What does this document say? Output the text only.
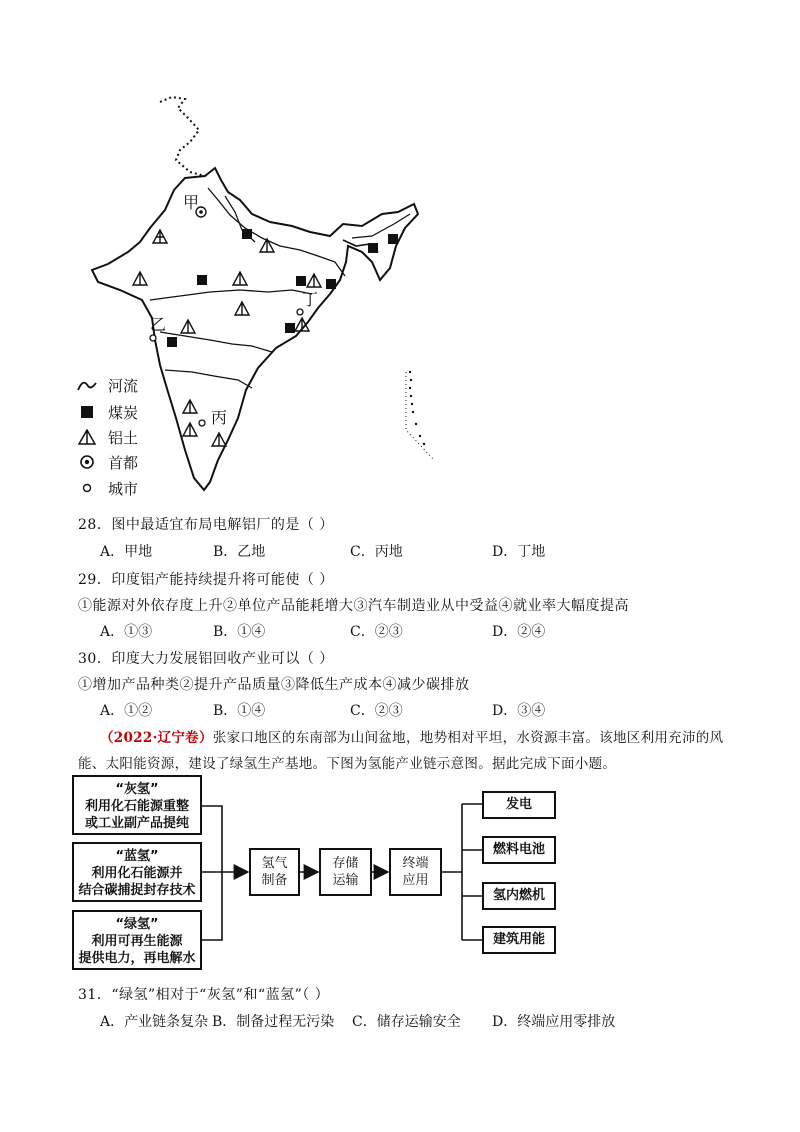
甲
乙
丙
丁
河流
煤炭
铝土
首都
城市
28．图中最适宜布局电解铝厂的是（ ）
A．甲地	B．乙地	C．丙地	D．丁地
29．印度铝产能持续提升将可能使（ ）
①能源对外依存度上升②单位产品能耗增大③汽车制造业从中受益④就业率大幅度提高
A．①③	B．①④	C．②③	D．②④
30．印度大力发展铝回收产业可以（ ）
①增加产品种类②提升产品质量③降低生产成本④减少碳排放
A．①②	B．①④	C．②③	D．③④
（2022·辽宁卷）张家口地区的东南部为山间盆地，地势相对平坦，水资源丰富。该地区利用充沛的风
能、太阳能资源，建设了绿氢生产基地。下图为氢能产业链示意图。据此完成下面小题。
“灰氢”
利用化石能源重整
或工业副产品提纯
“蓝氢”
利用化石能源并
结合碳捕捉封存技术
“绿氢”
利用可再生能源
提供电力，再电解水
氢气
制备
存储
运输
终端
应用
发电
燃料电池
氢内燃机
建筑用能
31．“绿氢”相对于“灰氢”和“蓝氢”（ ）
A．产业链条复杂 B．制备过程无污染 C．储存运输安全 D．终端应用零排放
